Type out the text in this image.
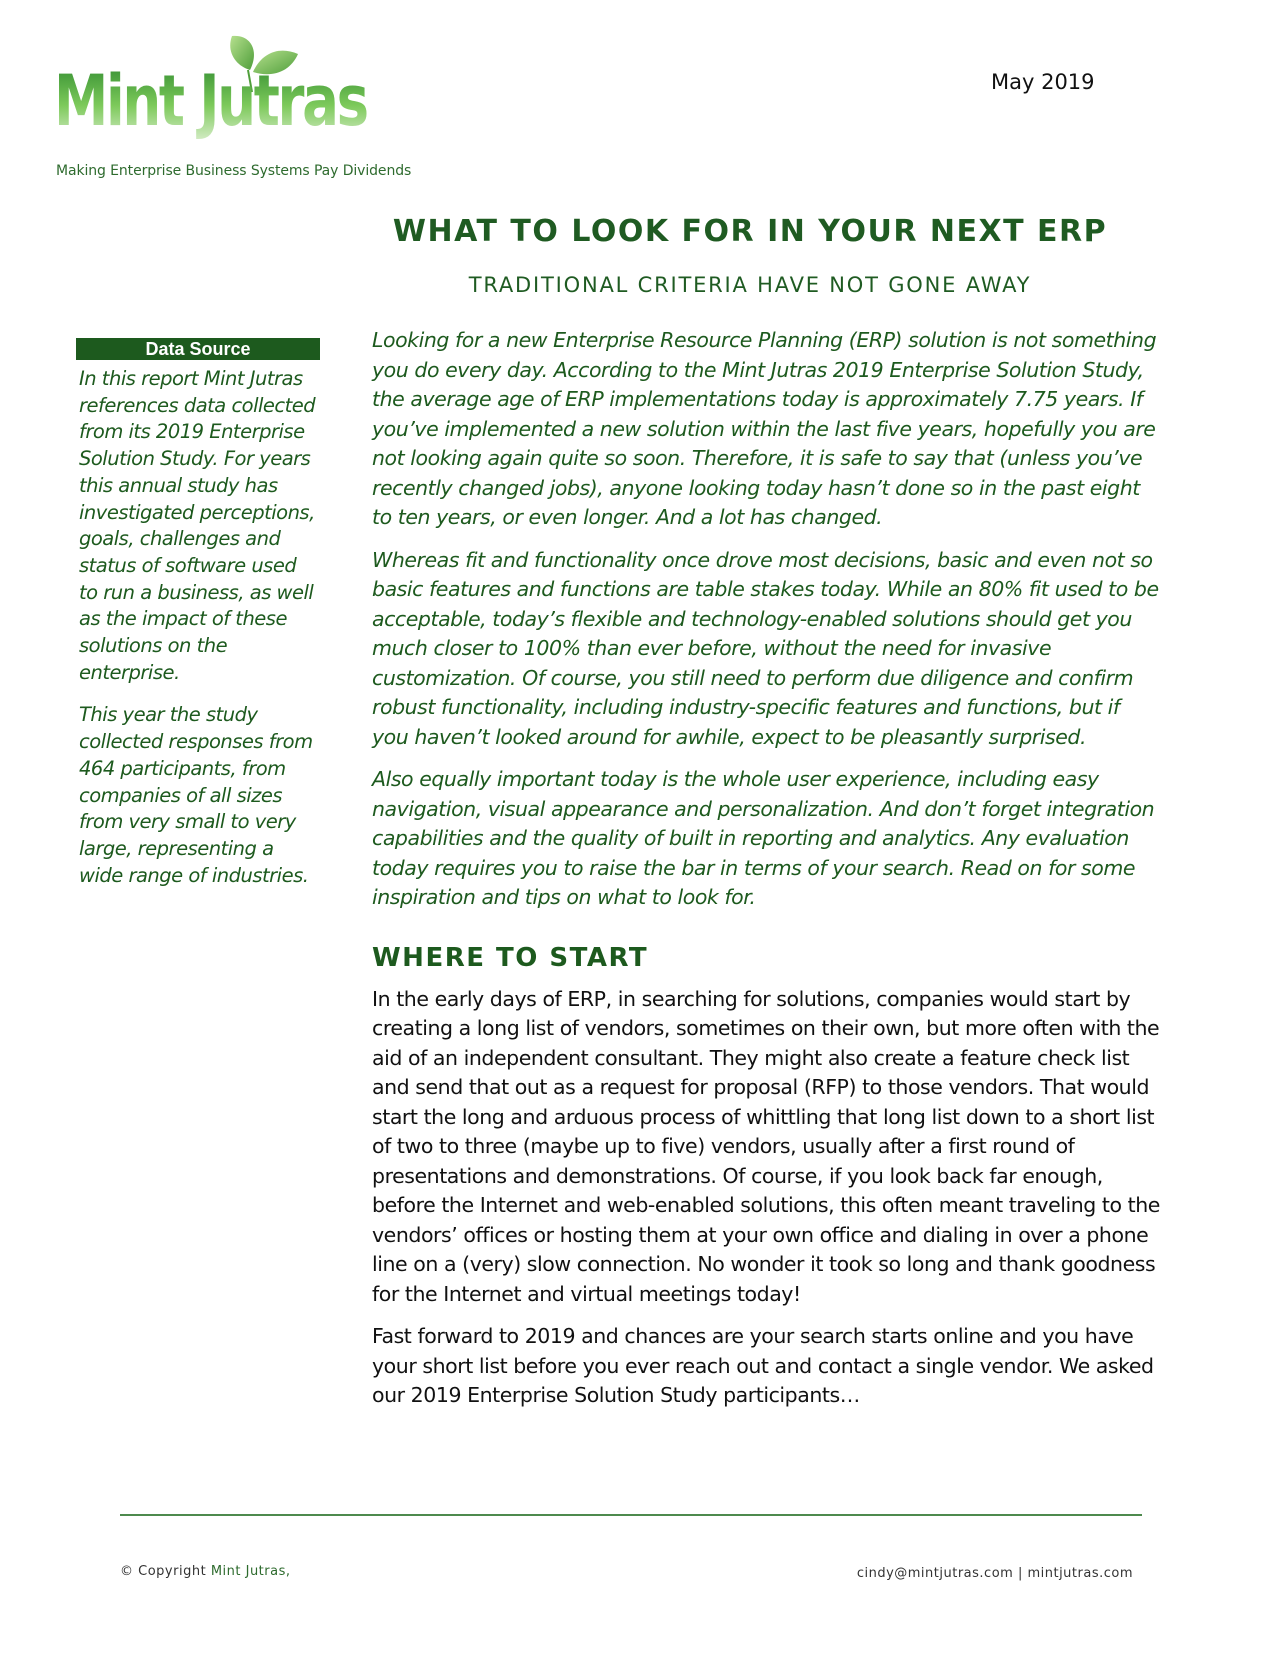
Mint Jutras
Making Enterprise Business Systems Pay Dividends
May 2019
WHAT TO LOOK FOR IN YOUR NEXT ERP
TRADITIONAL CRITERIA HAVE NOT GONE AWAY
Data Source

In this report Mint Jutras references data collected from its 2019 Enterprise Solution Study. For years this annual study has investigated perceptions, goals, challenges and status of software used to run a business, as well as the impact of these solutions on the enterprise.

This year the study collected responses from 464 participants, from companies of all sizes from very small to very large, representing a wide range of industries.

Looking for a new Enterprise Resource Planning (ERP) solution is not something you do every day. According to the Mint Jutras 2019 Enterprise Solution Study, the average age of ERP implementations today is approximately 7.75 years. If you’ve implemented a new solution within the last five years, hopefully you are not looking again quite so soon. Therefore, it is safe to say that (unless you’ve recently changed jobs), anyone looking today hasn’t done so in the past eight to ten years, or even longer. And a lot has changed.

Whereas fit and functionality once drove most decisions, basic and even not so basic features and functions are table stakes today. While an 80% fit used to be acceptable, today’s flexible and technology-enabled solutions should get you much closer to 100% than ever before, without the need for invasive customization. Of course, you still need to perform due diligence and confirm robust functionality, including industry-specific features and functions, but if you haven’t looked around for awhile, expect to be pleasantly surprised.

Also equally important today is the whole user experience, including easy navigation, visual appearance and personalization. And don’t forget integration capabilities and the quality of built in reporting and analytics. Any evaluation today requires you to raise the bar in terms of your search. Read on for some inspiration and tips on what to look for.

WHERE TO START

In the early days of ERP, in searching for solutions, companies would start by creating a long list of vendors, sometimes on their own, but more often with the aid of an independent consultant. They might also create a feature check list and send that out as a request for proposal (RFP) to those vendors. That would start the long and arduous process of whittling that long list down to a short list of two to three (maybe up to five) vendors, usually after a first round of presentations and demonstrations. Of course, if you look back far enough, before the Internet and web-enabled solutions, this often meant traveling to the vendors’ offices or hosting them at your own office and dialing in over a phone line on a (very) slow connection. No wonder it took so long and thank goodness for the Internet and virtual meetings today!

Fast forward to 2019 and chances are your search starts online and you have your short list before you ever reach out and contact a single vendor. We asked our 2019 Enterprise Solution Study participants…

© Copyright Mint Jutras,	cindy@mintjutras.com | mintjutras.com
